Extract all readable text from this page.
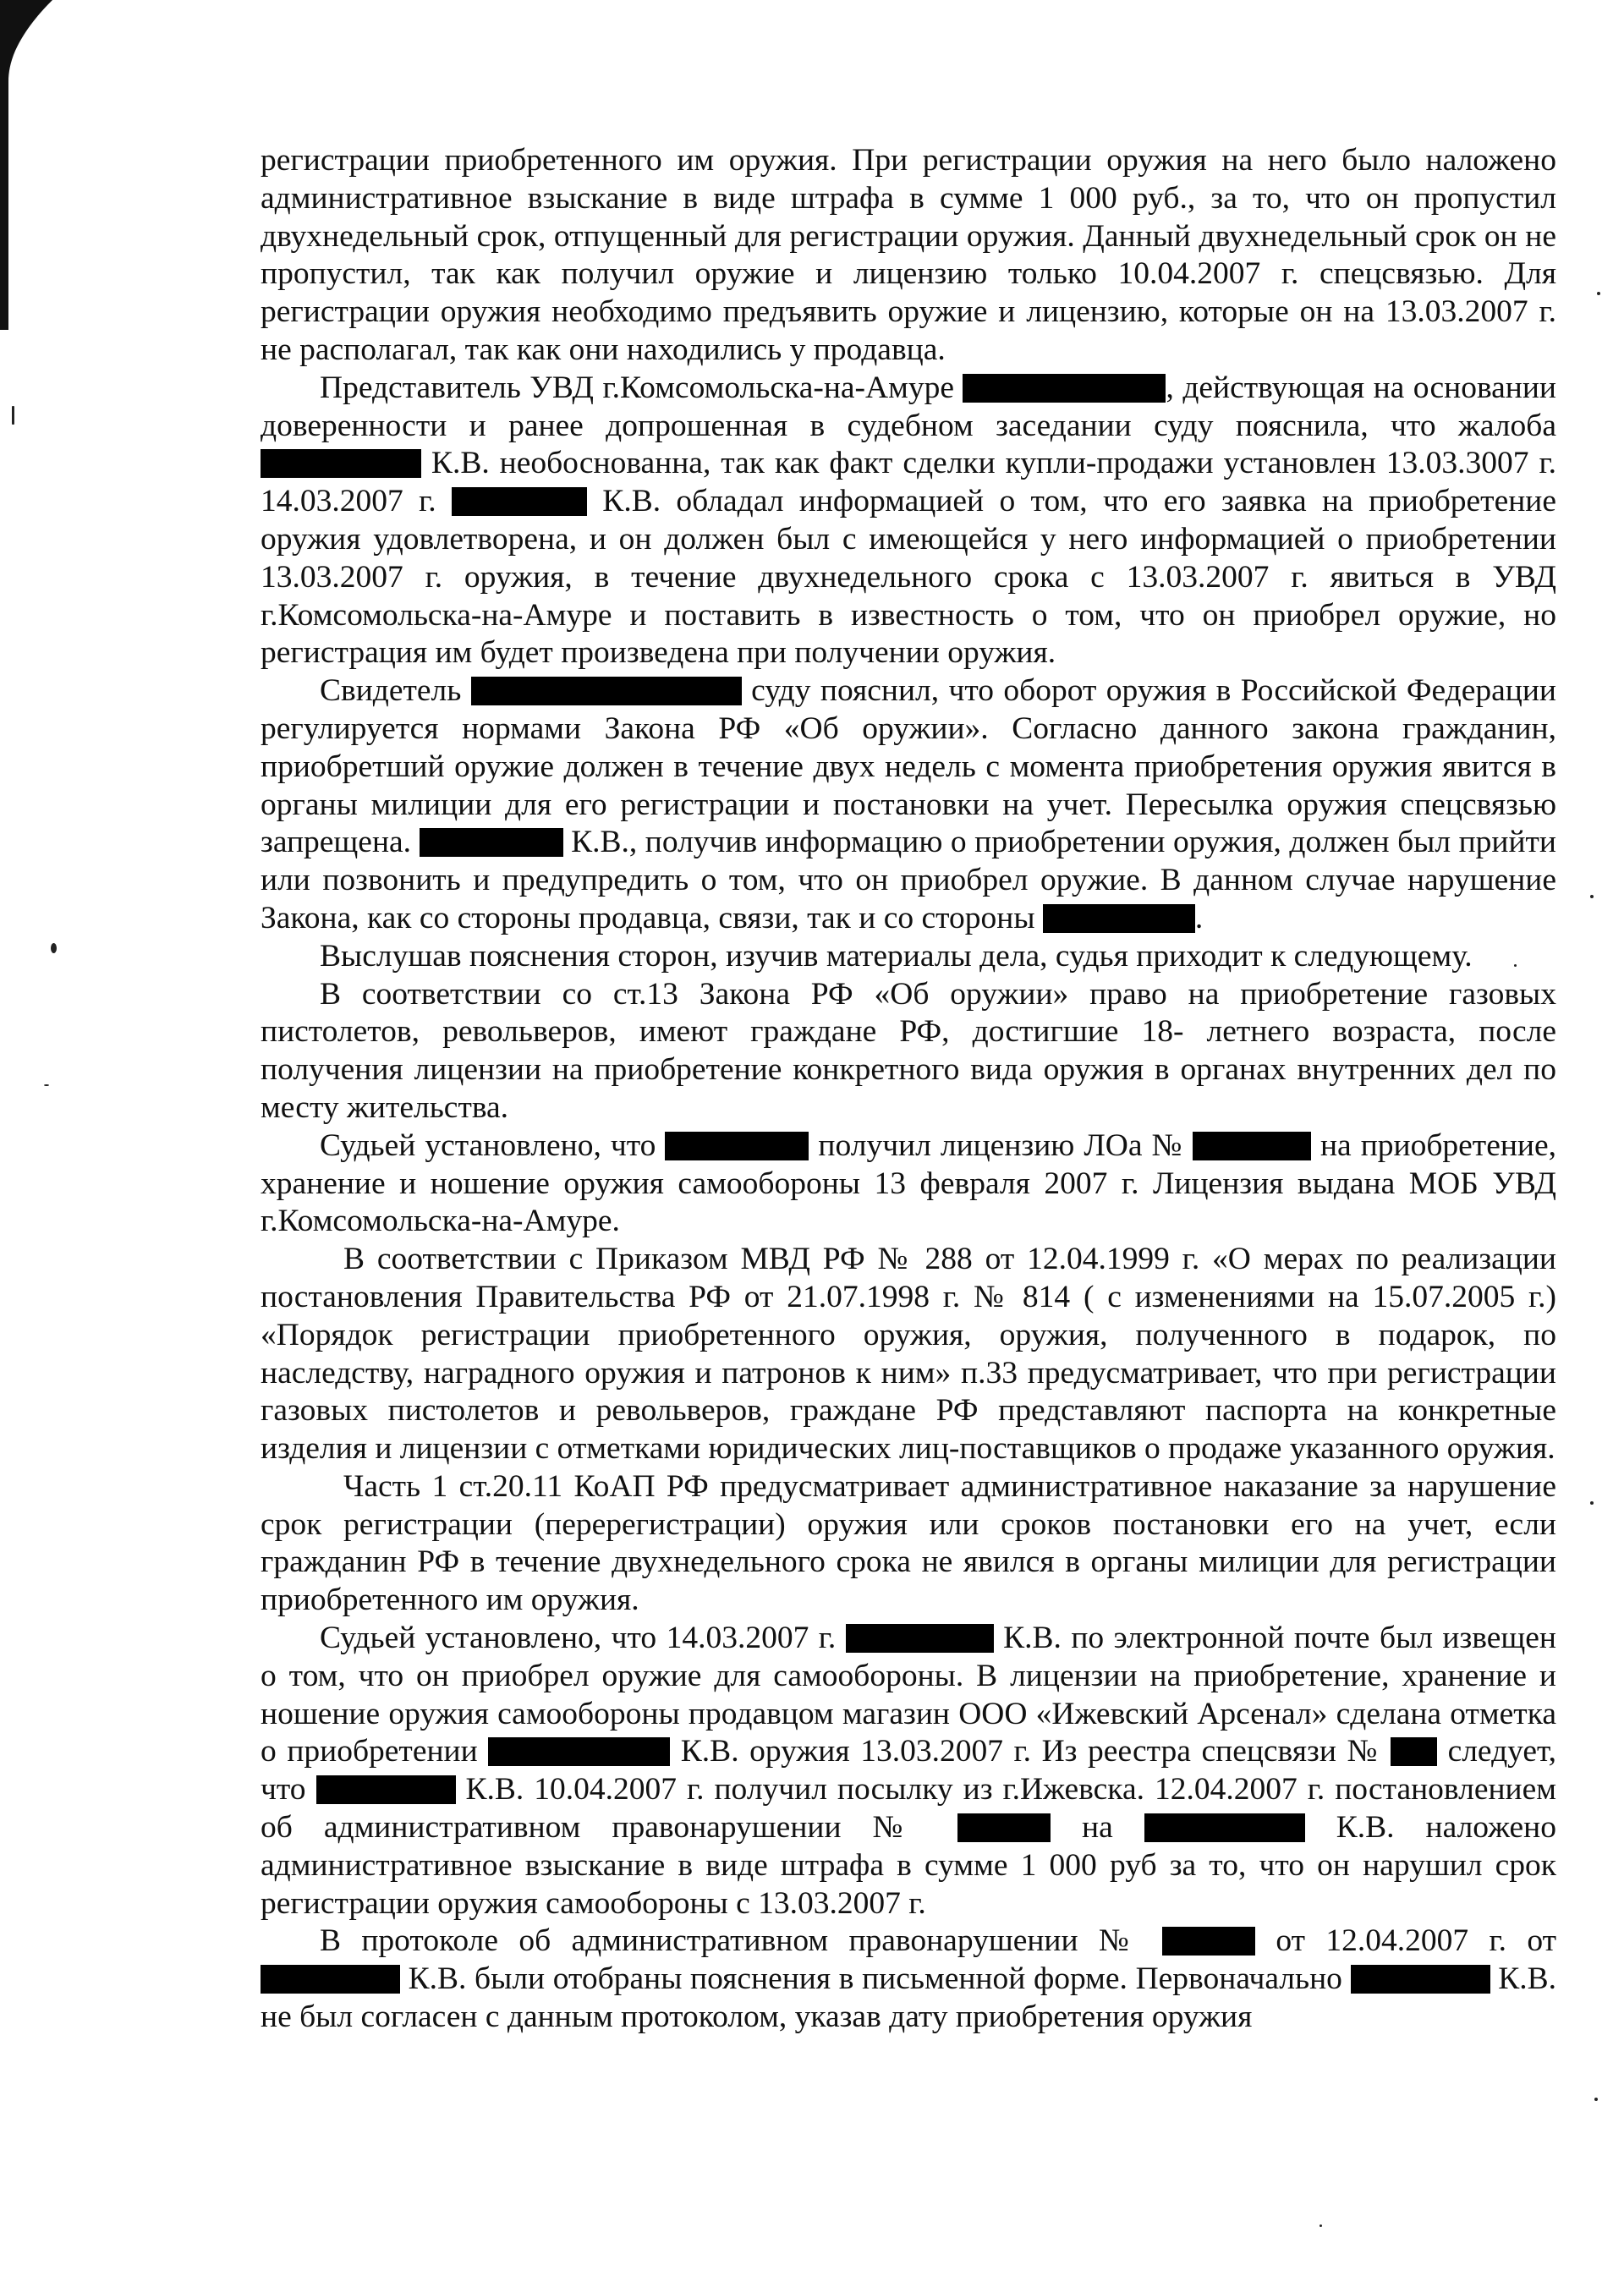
регистрации приобретенного им оружия. При регистрации оружия на него было наложено административное взыскание в виде штрафа в сумме 1 000 руб., за то, что он пропустил двухнедельный срок, отпущенный для регистрации оружия. Данный двухнедельный срок он не пропустил, так как получил оружие и лицензию только 10.04.2007 г. спецсвязью. Для регистрации оружия необходимо предъявить оружие и лицензию, которые он на 13.03.2007 г. не располагал, так как они находились у продавца.

Представитель УВД г.Комсомольска-на-Амуре	, действующая на основании доверенности и ранее допрошенная в судебном заседании суду пояснила, что жалоба  К.В. необоснованна, так как факт сделки купли-продажи установлен 13.03.3007 г. 14.03.2007 г.	К.В. обладал информацией о том, что его заявка на приобретение оружия удовлетворена, и он должен был с имеющейся у него информацией о приобретении 13.03.2007 г. оружия, в течение двухнедельного срока с 13.03.2007 г. явиться в УВД г.Комсомольска-на-Амуре и поставить в известность о том, что он приобрел оружие, но регистрация им будет произведена при получении оружия.

Свидетель	суду пояснил, что оборот оружия в Российской Федерации регулируется нормами Закона РФ «Об оружии». Согласно данного закона гражданин, приобретший оружие должен в течение двух недель с момента приобретения оружия явится в органы милиции для его регистрации и постановки на учет. Пересылка оружия спецсвязью запрещена.	К.В., получив информацию о приобретении оружия, должен был прийти или позвонить и предупредить о том, что он приобрел оружие. В данном случае нарушение Закона, как со стороны продавца, связи, так и со стороны	.

Выслушав пояснения сторон, изучив материалы дела, судья приходит к следующему.

В соответствии со ст.13 Закона РФ «Об оружии» право на приобретение газовых пистолетов, револьверов, имеют граждане РФ, достигшие 18- летнего возраста, после получения лицензии на приобретение конкретного вида оружия в органах внутренних дел по месту жительства.

Судьей установлено, что	получил лицензию ЛОа №	на приобретение, хранение и ношение оружия самообороны 13 февраля 2007 г. Лицензия выдана МОБ УВД г.Комсомольска-на-Амуре.

В соответствии с Приказом МВД РФ № 288 от 12.04.1999 г. «О мерах по реализации постановления Правительства РФ от 21.07.1998 г. № 814 ( с изменениями на 15.07.2005 г.) «Порядок регистрации приобретенного оружия, оружия, полученного в подарок, по наследству, наградного оружия и патронов к ним» п.33 предусматривает, что при регистрации газовых пистолетов и револьверов, граждане РФ представляют паспорта на конкретные изделия и лицензии с отметками юридических лиц-поставщиков о продаже указанного оружия.

Часть 1 ст.20.11 КоАП РФ предусматривает административное наказание за нарушение срок регистрации (перерегистрации) оружия или сроков постановки его на учет, если гражданин РФ в течение двухнедельного срока не явился в органы милиции для регистрации приобретенного им оружия.

Судьей установлено, что 14.03.2007 г.	К.В. по электронной почте был извещен о том, что он приобрел оружие для самообороны. В лицензии на приобретение, хранение и ношение оружия самообороны продавцом магазин ООО «Ижевский Арсенал» сделана отметка о приобретении	К.В. оружия 13.03.2007 г. Из реестра спецсвязи №  следует, что	К.В. 10.04.2007 г. получил посылку из г.Ижевска. 12.04.2007 г. постановлением об административном правонарушении №	на	К.В. наложено административное взыскание в виде штрафа в сумме 1 000 руб за то, что он нарушил срок регистрации оружия самообороны с 13.03.2007 г.

В протоколе об административном правонарушении №	от 12.04.2007 г. от  К.В. были отобраны пояснения в письменной форме. Первоначально	К.В. не был согласен с данным протоколом, указав дату приобретения оружия
